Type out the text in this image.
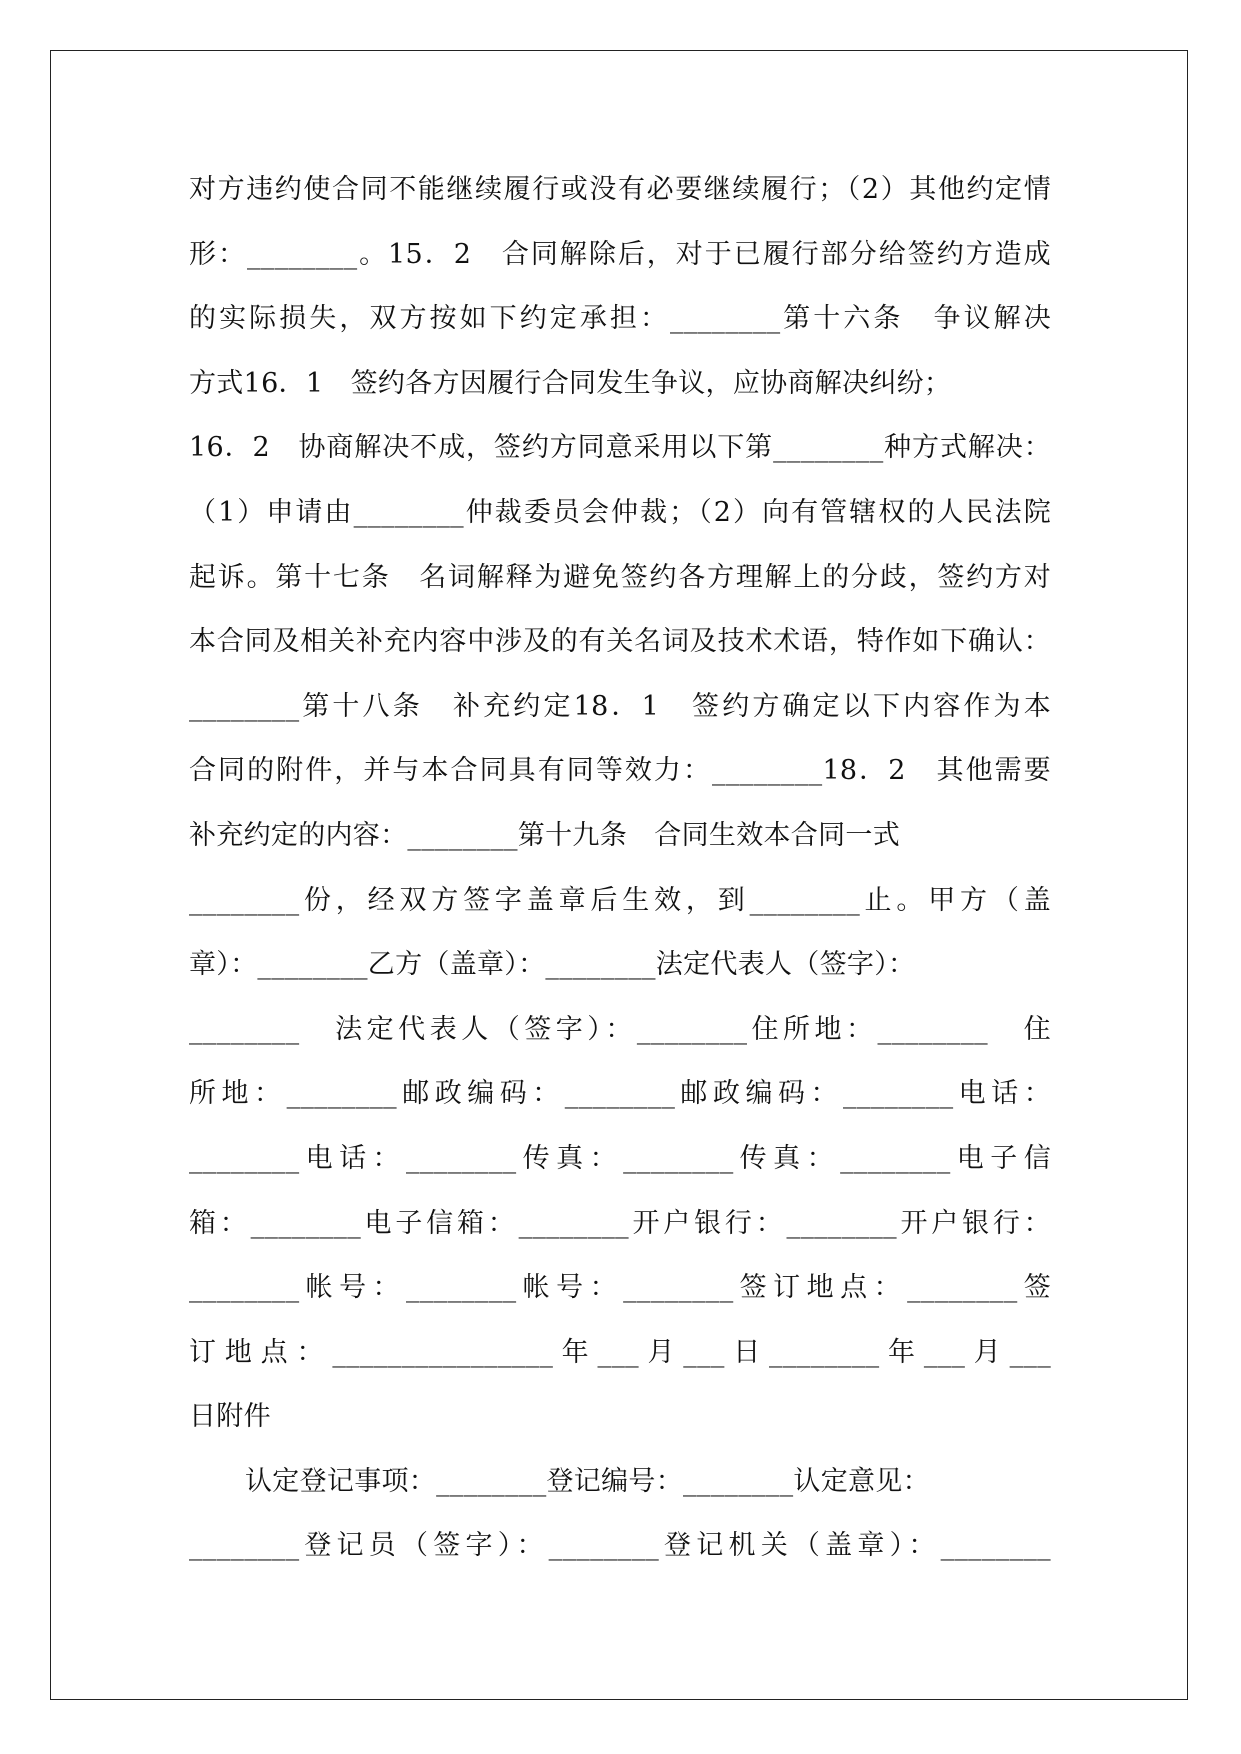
对方违约使合同不能继续履行或没有必要继续履行；（2）其他约定情
形：________。15．2　合同解除后，对于已履行部分给签约方造成
的实际损失，双方按如下约定承担：________第十六条　争议解决
方式16．1　签约各方因履行合同发生争议，应协商解决纠纷；
16．2　协商解决不成，签约方同意采用以下第________种方式解决：
（1）申请由________仲裁委员会仲裁；（2）向有管辖权的人民法院
起诉。第十七条　名词解释为避免签约各方理解上的分歧，签约方对
本合同及相关补充内容中涉及的有关名词及技术术语，特作如下确认：
________第十八条　补充约定18．1　签约方确定以下内容作为本
合同的附件，并与本合同具有同等效力：________18．2　其他需要
补充约定的内容：________第十九条　合同生效本合同一式
________份，经双方签字盖章后生效，到________止。甲方（盖
章）：________乙方（盖章）：________法定代表人（签字）：
________　法定代表人（签字）：________住所地：________　住
所地：________邮政编码：________邮政编码：________电话：
________电话：________传真：________传真：________电子信
箱：________电子信箱：________开户银行：________开户银行：
________帐号：________帐号：________签订地点：________签
订地点：________________年___月___日________年___月___
日附件
认定登记事项：________登记编号：________认定意见：
________登记员（签字）：________登记机关（盖章）：________
